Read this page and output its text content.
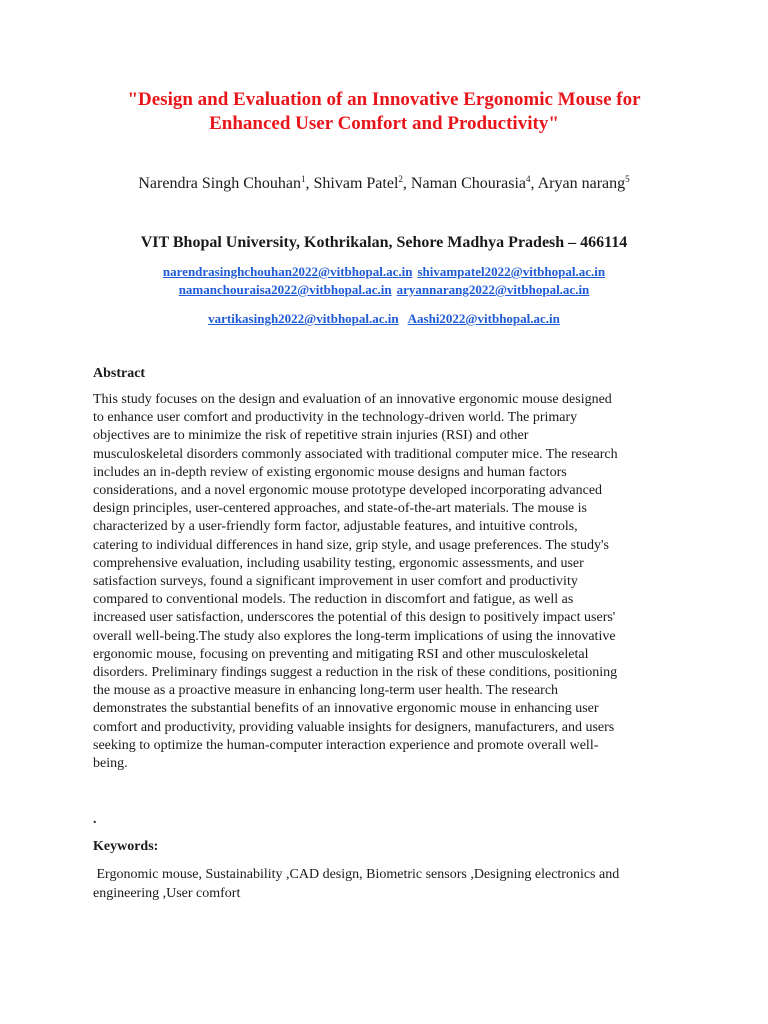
"Design and Evaluation of an Innovative Ergonomic Mouse for
Enhanced User Comfort and Productivity"
Narendra Singh Chouhan$^1$, Shivam Patel$^2$, Naman Chourasia$^4$, Aryan narang$^5$
VIT Bhopal University, Kothrikalan, Sehore Madhya Pradesh – 466114
narendrasinghchouhan2022@vitbhopal.ac.in shivampatel2022@vitbhopal.ac.in
namanchouraisa2022@vitbhopal.ac.in aryannarang2022@vitbhopal.ac.in
vartikasingh2022@vitbhopal.ac.in Aashi2022@vitbhopal.ac.in
Abstract
This study focuses on the design and evaluation of an innovative ergonomic mouse designed
to enhance user comfort and productivity in the technology-driven world. The primary
objectives are to minimize the risk of repetitive strain injuries (RSI) and other
musculoskeletal disorders commonly associated with traditional computer mice. The research
includes an in-depth review of existing ergonomic mouse designs and human factors
considerations, and a novel ergonomic mouse prototype developed incorporating advanced
design principles, user-centered approaches, and state-of-the-art materials. The mouse is
characterized by a user-friendly form factor, adjustable features, and intuitive controls,
catering to individual differences in hand size, grip style, and usage preferences. The study's
comprehensive evaluation, including usability testing, ergonomic assessments, and user
satisfaction surveys, found a significant improvement in user comfort and productivity
compared to conventional models. The reduction in discomfort and fatigue, as well as
increased user satisfaction, underscores the potential of this design to positively impact users'
overall well-being.The study also explores the long-term implications of using the innovative
ergonomic mouse, focusing on preventing and mitigating RSI and other musculoskeletal
disorders. Preliminary findings suggest a reduction in the risk of these conditions, positioning
the mouse as a proactive measure in enhancing long-term user health. The research
demonstrates the substantial benefits of an innovative ergonomic mouse in enhancing user
comfort and productivity, providing valuable insights for designers, manufacturers, and users
seeking to optimize the human-computer interaction experience and promote overall well-
being.
.
Keywords:
Ergonomic mouse, Sustainability ,CAD design, Biometric sensors ,Designing electronics and
engineering ,User comfort
